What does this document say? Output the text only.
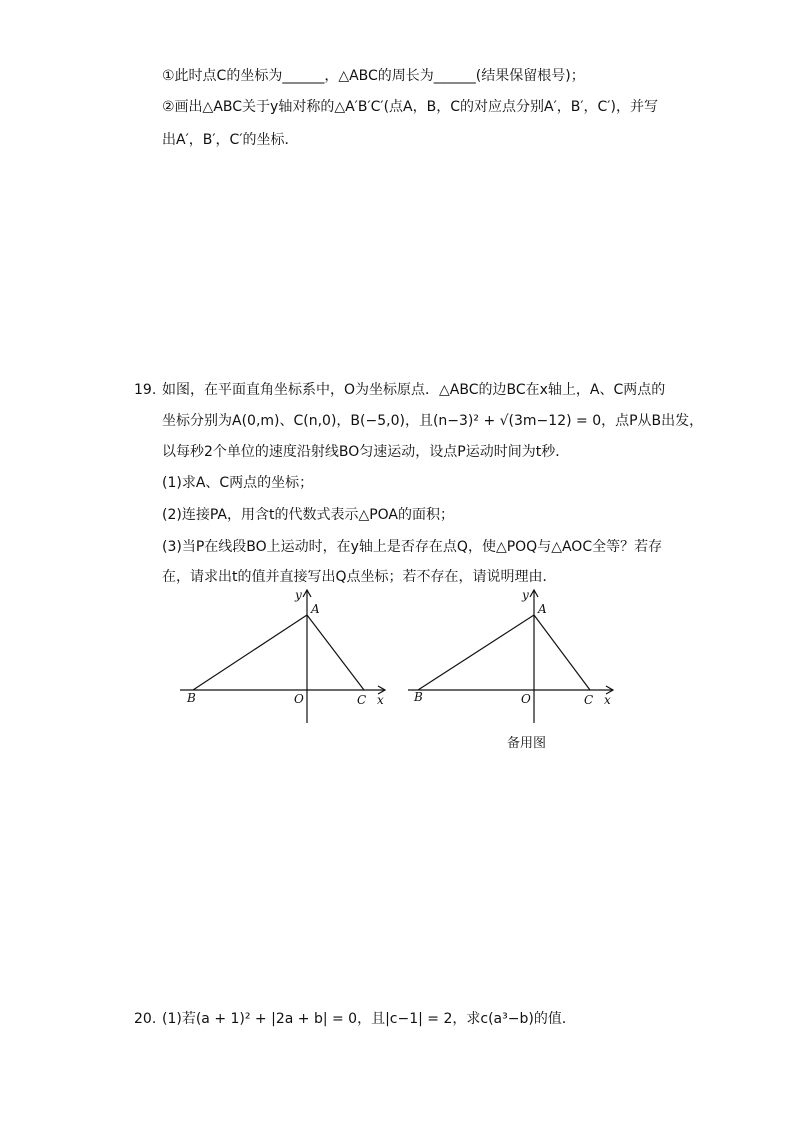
①此时点C的坐标为______，△ABC的周长为______(结果保留根号)；
②画出△ABC关于y轴对称的△A′B′C′(点A，B，C的对应点分别A′，B′，C′)，并写
出A′，B′，C′的坐标．
19. 如图，在平面直角坐标系中，O为坐标原点．△ABC的边BC在x轴上，A、C两点的
坐标分别为A(0,m)、C(n,0)，B(−5,0)，且(n−3)² + √(3m−12) = 0，点P从B出发，
以每秒2个单位的速度沿射线BO匀速运动，设点P运动时间为t秒．
(1)求A、C两点的坐标；
(2)连接PA，用含t的代数式表示△POA的面积；
(3)当P在线段BO上运动时，在y轴上是否存在点Q，使△POQ与△AOC全等？若存
在，请求出t的值并直接写出Q点坐标；若不存在，请说明理由．
y
A
B	O	C x
y
A
B	O	C x
备用图
20. (1)若(a + 1)² + |2a + b| = 0，且|c−1| = 2，求c(a³−b)的值．
